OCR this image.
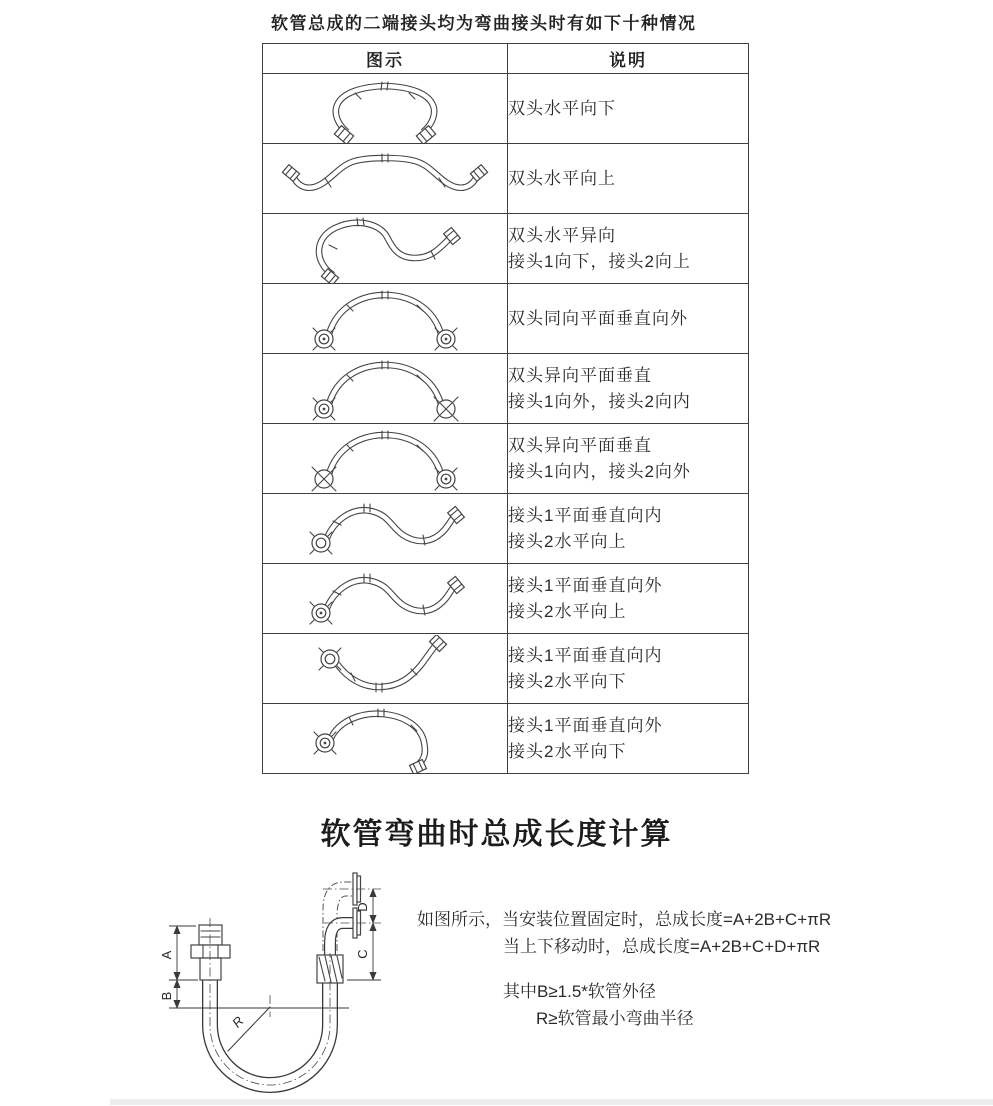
软管总成的二端接头均为弯曲接头时有如下十种情况
图示	说明

双头水平向下

双头水平向上

双头水平异向
接头1向下，接头2向上

双头同向平面垂直向外

双头异向平面垂直
接头1向外，接头2向内

双头异向平面垂直
接头1向内，接头2向外

接头1平面垂直向内
接头2水平向上

接头1平面垂直向外
接头2水平向上

接头1平面垂直向内
接头2水平向下

接头1平面垂直向外
接头2水平向下
软管弯曲时总成长度计算
R
A
B
D
C
如图所示，当安装位置固定时，总成长度=A+2B+C+πR
当上下移动时，总成长度=A+2B+C+D+πR
其中B≥1.5*软管外径
R≥软管最小弯曲半径
